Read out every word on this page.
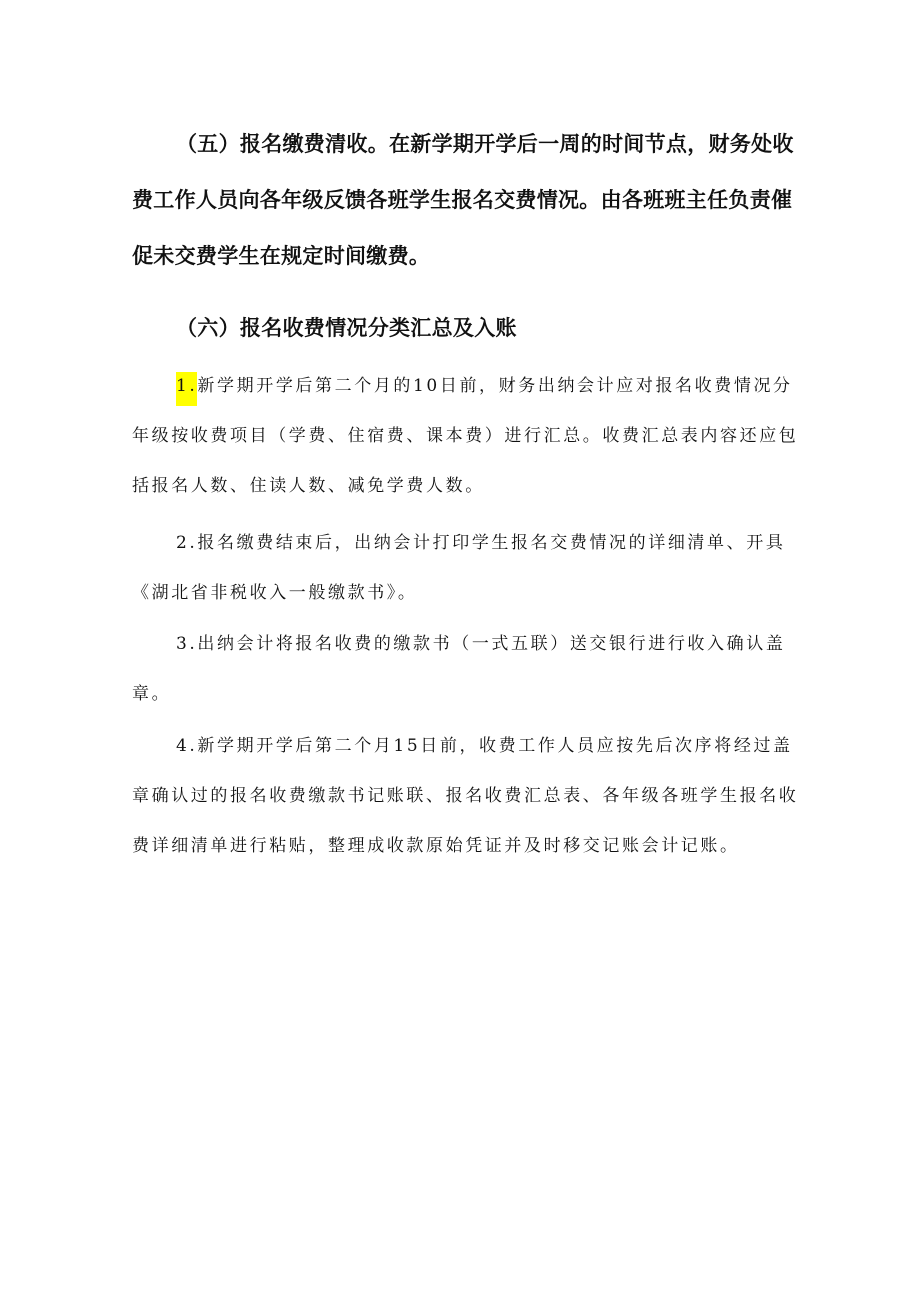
（五）报名缴费清收。在新学期开学后一周的时间节点，财务处收费工作人员向各年级反馈各班学生报名交费情况。由各班班主任负责催促未交费学生在规定时间缴费。

（六）报名收费情况分类汇总及入账

1.新学期开学后第二个月的10日前，财务出纳会计应对报名收费情况分年级按收费项目（学费、住宿费、课本费）进行汇总。收费汇总表内容还应包括报名人数、住读人数、减免学费人数。

2.报名缴费结束后，出纳会计打印学生报名交费情况的详细清单、开具《湖北省非税收入一般缴款书》。

3.出纳会计将报名收费的缴款书（一式五联）送交银行进行收入确认盖章。

4.新学期开学后第二个月15日前，收费工作人员应按先后次序将经过盖章确认过的报名收费缴款书记账联、报名收费汇总表、各年级各班学生报名收费详细清单进行粘贴，整理成收款原始凭证并及时移交记账会计记账。
